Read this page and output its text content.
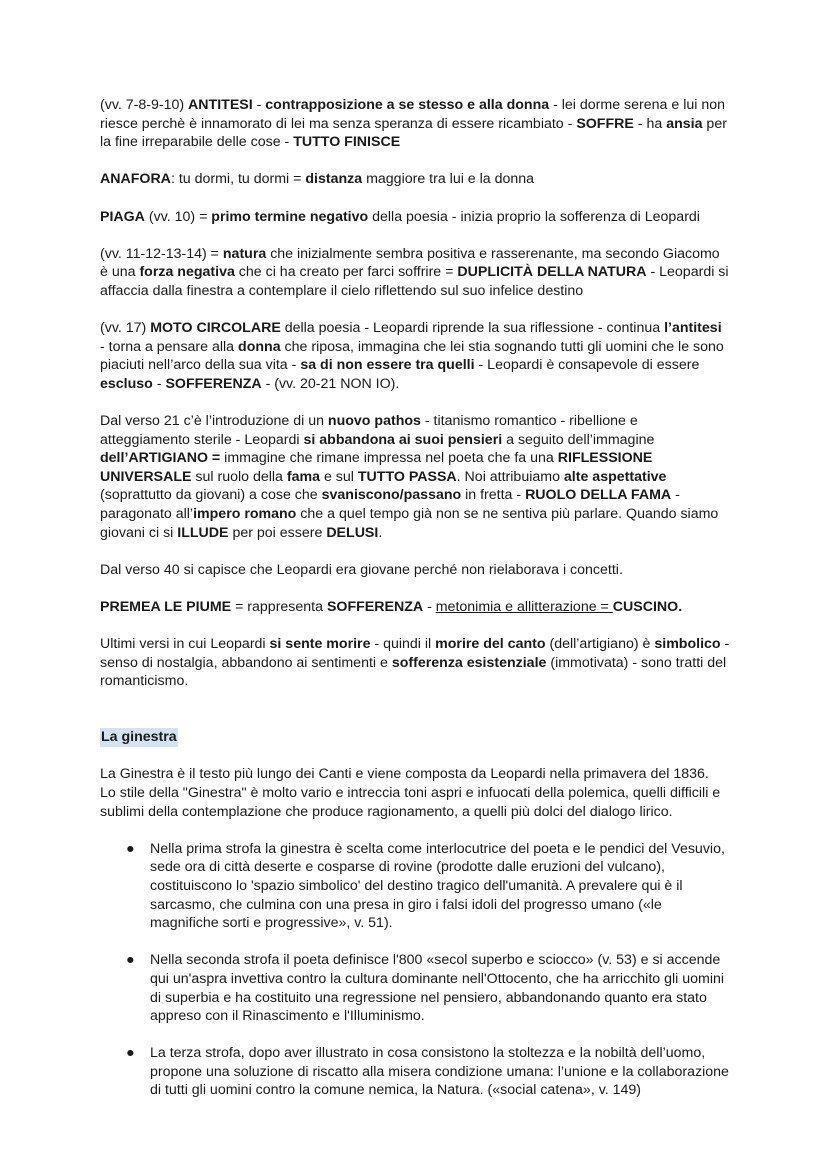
(vv. 7-8-9-10) ANTITESI - contrapposizione a se stesso e alla donna - lei dorme serena e lui non riesce perchè è innamorato di lei ma senza speranza di essere ricambiato - SOFFRE - ha ansia per la fine irreparabile delle cose - TUTTO FINISCE

ANAFORA: tu dormi, tu dormi = distanza maggiore tra lui e la donna

PIAGA (vv. 10) = primo termine negativo della poesia - inizia proprio la sofferenza di Leopardi

(vv. 11-12-13-14) = natura che inizialmente sembra positiva e rasserenante, ma secondo Giacomo è una forza negativa che ci ha creato per farci soffrire = DUPLICITÀ DELLA NATURA - Leopardi si affaccia dalla finestra a contemplare il cielo riflettendo sul suo infelice destino

(vv. 17) MOTO CIRCOLARE della poesia - Leopardi riprende la sua riflessione - continua l’antitesi - torna a pensare alla donna che riposa, immagina che lei stia sognando tutti gli uomini che le sono piaciuti nell’arco della sua vita - sa di non essere tra quelli - Leopardi è consapevole di essere escluso - SOFFERENZA - (vv. 20-21 NON IO).

Dal verso 21 c’è l’introduzione di un nuovo pathos - titanismo romantico - ribellione e atteggiamento sterile - Leopardi si abbandona ai suoi pensieri a seguito dell’immagine dell’ARTIGIANO = immagine che rimane impressa nel poeta che fa una RIFLESSIONE UNIVERSALE sul ruolo della fama e sul TUTTO PASSA. Noi attribuiamo alte aspettative (soprattutto da giovani) a cose che svaniscono/passano in fretta - RUOLO DELLA FAMA - paragonato all’impero romano che a quel tempo già non se ne sentiva più parlare. Quando siamo giovani ci si ILLUDE per poi essere DELUSI.

Dal verso 40 si capisce che Leopardi era giovane perché non rielaborava i concetti.

PREMEA LE PIUME = rappresenta SOFFERENZA - metonimia e allitterazione = CUSCINO.

Ultimi versi in cui Leopardi si sente morire - quindi il morire del canto (dell’artigiano) è simbolico - senso di nostalgia, abbandono ai sentimenti e sofferenza esistenziale (immotivata) - sono tratti del romanticismo.

La ginestra

La Ginestra è il testo più lungo dei Canti e viene composta da Leopardi nella primavera del 1836.
Lo stile della "Ginestra" è molto vario e intreccia toni aspri e infuocati della polemica, quelli difficili e sublimi della contemplazione che produce ragionamento, a quelli più dolci del dialogo lirico.

● Nella prima strofa la ginestra è scelta come interlocutrice del poeta e le pendici del Vesuvio, sede ora di città deserte e cosparse di rovine (prodotte dalle eruzioni del vulcano), costituiscono lo 'spazio simbolico' del destino tragico dell'umanità. A prevalere qui è il sarcasmo, che culmina con una presa in giro i falsi idoli del progresso umano («le magnifiche sorti e progressive», v. 51).
● Nella seconda strofa il poeta definisce l'800 «secol superbo e sciocco» (v. 53) e si accende qui un'aspra invettiva contro la cultura dominante nell'Ottocento, che ha arricchito gli uomini di superbia e ha costituito una regressione nel pensiero, abbandonando quanto era stato appreso con il Rinascimento e l'Illuminismo.
● La terza strofa, dopo aver illustrato in cosa consistono la stoltezza e la nobiltà dell’uomo, propone una soluzione di riscatto alla misera condizione umana: l’unione e la collaborazione di tutti gli uomini contro la comune nemica, la Natura. («social catena», v. 149)
